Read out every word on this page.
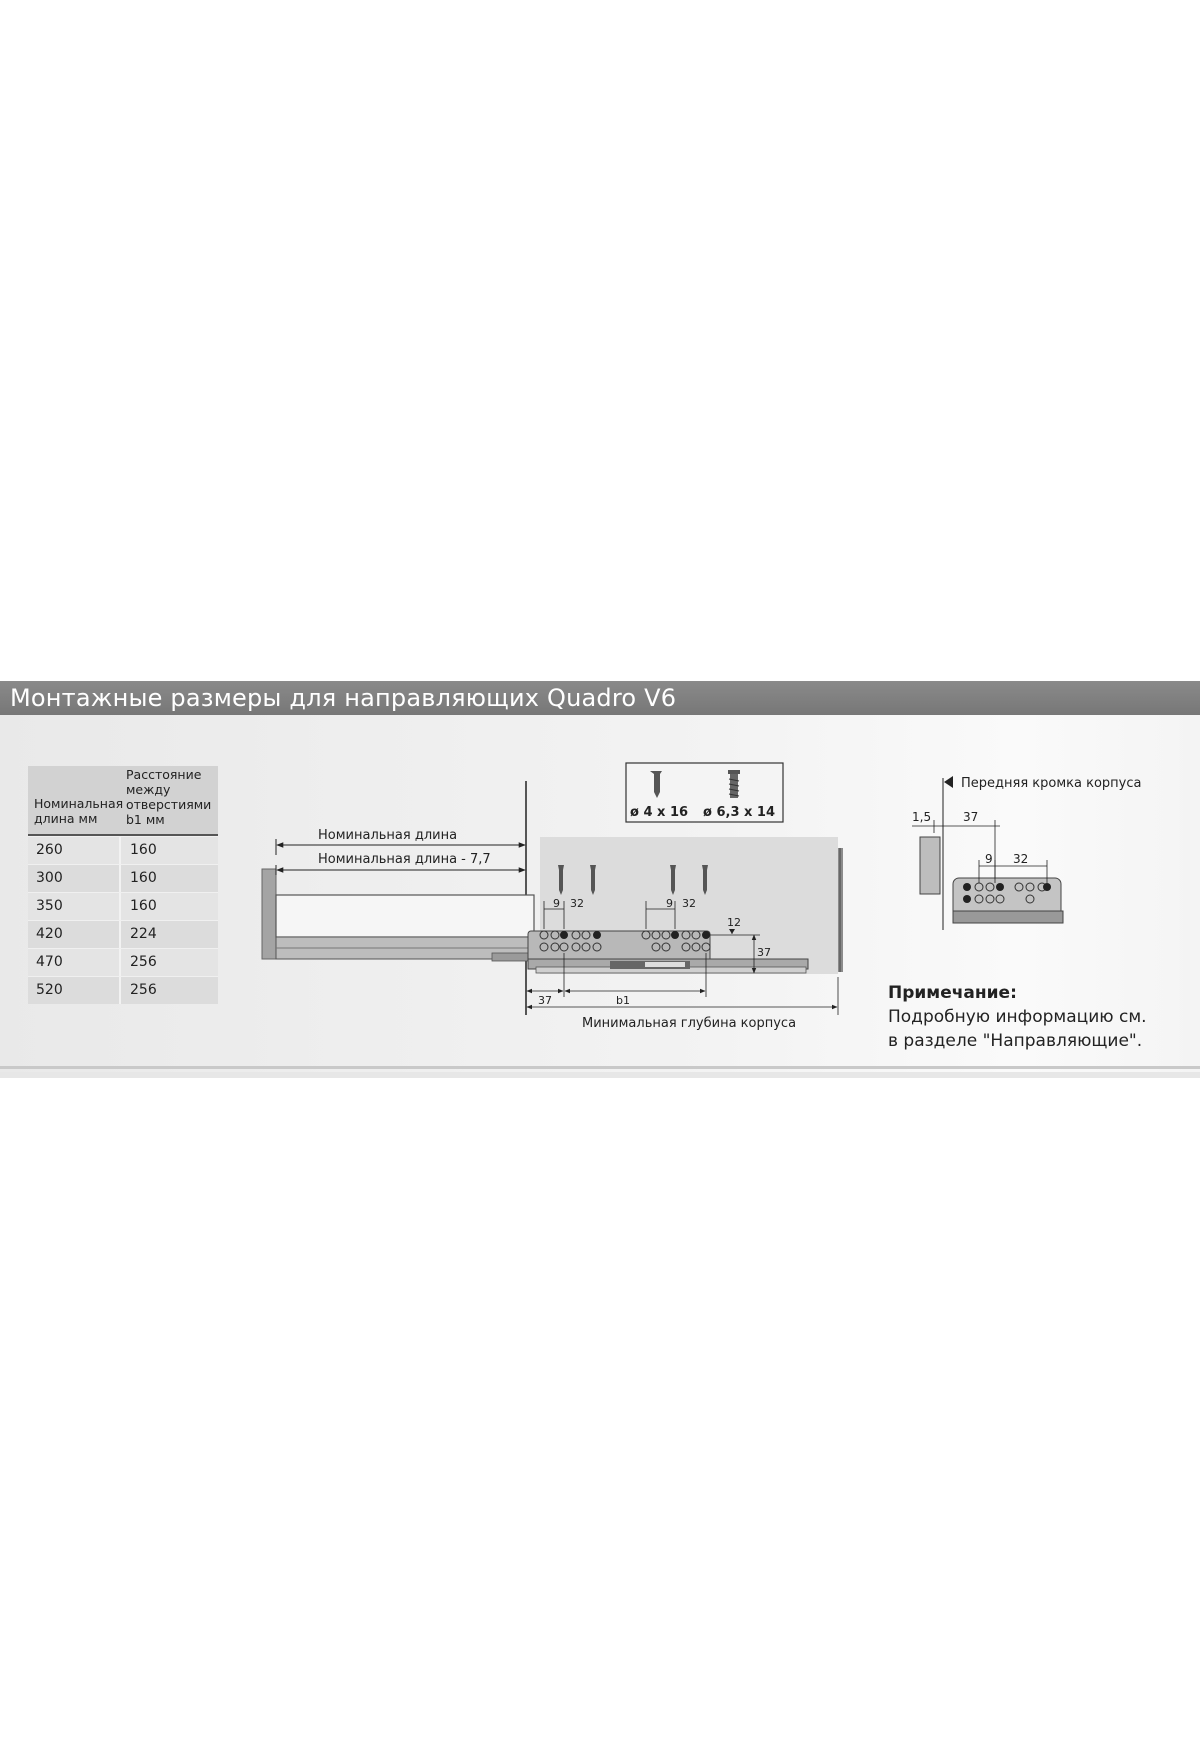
Монтажные размеры для направляющих Quadro V6
Номинальная длина мм
Расстояние между отверстиями b1 мм
260	160
300	160
350	160
420	224
470	256
520	256
ø 4 x 16 ø 6,3 x 14
Номинальная длина
Номинальная длина - 7,7
9 32	9 32
12
37
37	b1
Минимальная глубина корпуса
Передняя кромка корпуса
1,5	37
9 32
Примечание:
Подробную информацию см.
в разделе "Направляющие".
